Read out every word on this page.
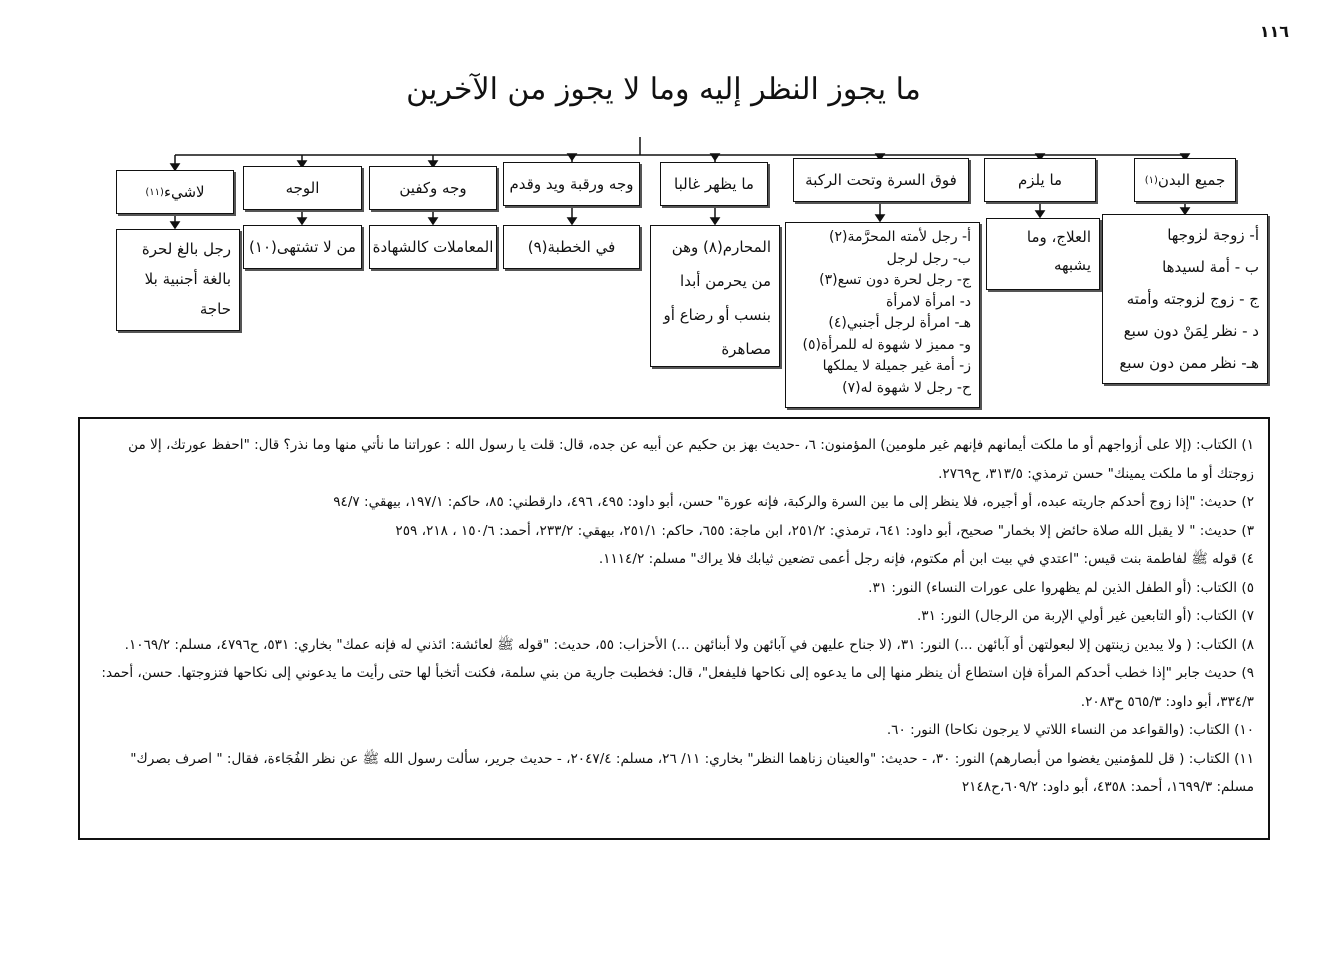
١١٦
ما يجوز النظر إليه وما لا يجوز من الآخرين
جميع البدن
(١)
ما يلزم
فوق السرة وتحت الركبة
ما يظهر غالبا
وجه ورقبة ويد وقدم
وجه وكفين
الوجه
لاشيء
(١١)
أ- زوجة لزوجها
ب - أمة لسيدها
ج - زوج لزوجته وأمته
د - نظر لِمَنْ دون سبع
هـ- نظر ممن دون سبع
العلاج، وما يشبهه
أ- رجل لأمته المحرَّمة(٢)
ب- رجل لرجل
ج- رجل لحرة دون تسع(٣)
د- امرأة لامرأة
هـ- امرأة لرجل أجنبي(٤)
و- مميز لا شهوة له للمرأة(٥)
ز- أمة غير جميلة لا يملكها
ح- رجل لا شهوة له(٧)
المحارم(٨) وهن من يحرمن أبدا بنسب أو رضاع أو مصاهرة
في الخطبة(٩)
المعاملات كالشهادة
من لا تشتهى(١٠)
رجل بالغ لحرة بالغة أجنبية بلا حاجة

١) الكتاب: (إلا على أزواجهم أو ما ملكت أيمانهم فإنهم غير ملومين) المؤمنون: ٦، -حديث بهز بن حكيم عن أبيه عن جده، قال: قلت يا رسول الله : عوراتنا ما نأتي منها وما نذر؟ قال: "احفظ عورتك، إلا من زوجتك أو ما ملكت يمينك" حسن ترمذي: ٣١٣/٥، ح٢٧٦٩.

٢) حديث: "إذا زوج أحدكم جاريته عبده، أو أجيره، فلا ينظر إلى ما بين السرة والركبة، فإنه عورة" حسن، أبو داود: ٤٩٥، ٤٩٦، دارقطني: ٨٥، حاكم: ١٩٧/١، بيهقي: ٩٤/٧

٣) حديث: " لا يقبل الله صلاة حائض إلا بخمار" صحيح، أبو داود: ٦٤١، ترمذي: ٢٥١/٢، ابن ماجة: ٦٥٥، حاكم: ٢٥١/١، بيهقي: ٢٣٣/٢، أحمد: ١٥٠/٦ ، ٢١٨، ٢٥٩

٤) قوله ﷺ لفاطمة بنت قيس: "اعتدي في بيت ابن أم مكتوم، فإنه رجل أعمى تضعين ثيابك فلا يراك" مسلم: ١١١٤/٢.

٥) الكتاب: (أو الطفل الذين لم يظهروا على عورات النساء) النور: ٣١.

٧) الكتاب: (أو التابعين غير أولي الإربة من الرجال) النور: ٣١.

٨) الكتاب: ( ولا يبدين زينتهن إلا لبعولتهن أو آبائهن ...) النور: ٣١، (لا جناح عليهن في آبائهن ولا أبنائهن ...) الأحزاب: ٥٥، حديث: "قوله ﷺ لعائشة: ائذني له فإنه عمك" بخاري: ٥٣١، ح٤٧٩٦، مسلم: ١٠٦٩/٢.

٩) حديث جابر "إذا خطب أحدكم المرأة فإن استطاع أن ينظر منها إلى ما يدعوه إلى نكاحها فليفعل"، قال: فخطبت جارية من بني سلمة، فكنت أتخبأ لها حتى رأيت ما يدعوني إلى نكاحها فتزوجتها. حسن، أحمد: ٣٣٤/٣، أبو داود: ٥٦٥/٣ ح٢٠٨٣.

١٠) الكتاب: (والقواعد من النساء اللاتي لا يرجون نكاحا) النور: ٦٠.

١١) الكتاب: ( قل للمؤمنين يغضوا من أبصارهم) النور: ٣٠، - حديث: "والعينان زناهما النظر" بخاري: ١١/ ٢٦، مسلم: ٢٠٤٧/٤، - حديث جرير، سألت رسول الله ﷺ عن نظر الفُجَاءة، فقال: " اصرف بصرك" مسلم: ١٦٩٩/٣، أحمد: ٤٣٥٨، أبو داود: ٦٠٩/٢،ح٢١٤٨
